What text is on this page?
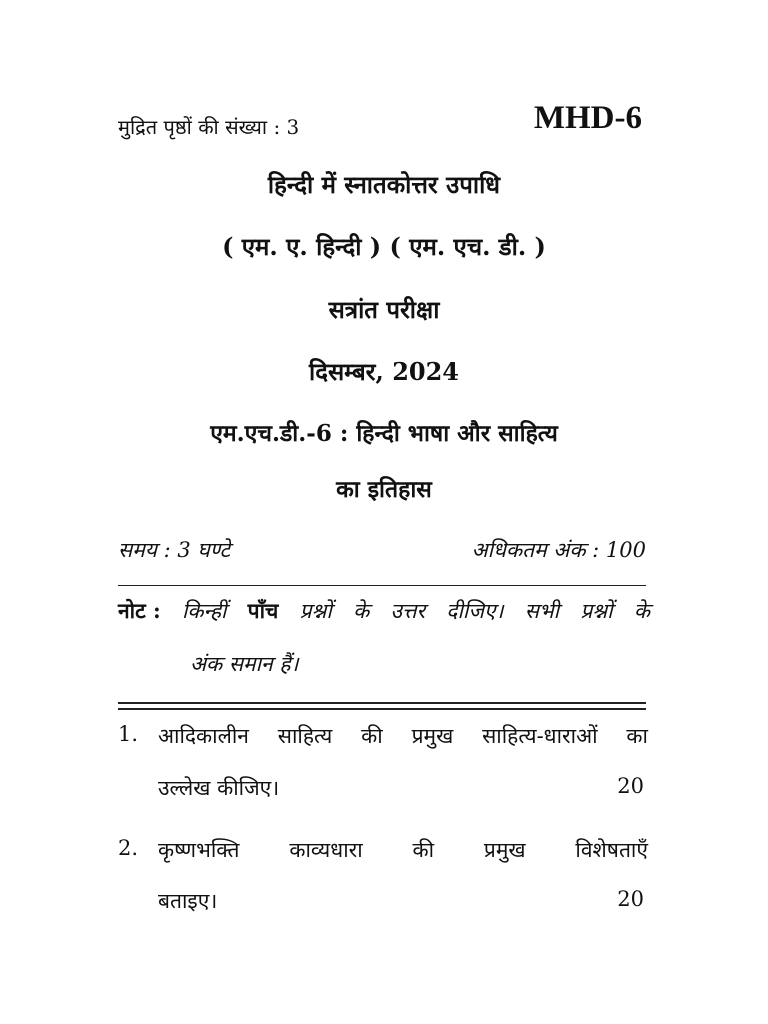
मुद्रित पृष्ठों की संख्या : 3	MHD-6
हिन्दी में स्नातकोत्तर उपाधि
( एम. ए. हिन्दी ) ( एम. एच. डी. )
सत्रांत परीक्षा
दिसम्बर, 2024
एम.एच.डी.-6 : हिन्दी भाषा और साहित्य
का इतिहास
समय : 3 घण्टे	अधिकतम अंक : 100
नोट : किन्हीं पाँच प्रश्नों के उत्तर दीजिए। सभी प्रश्नों के
अंक समान हैं।
1. आदिकालीन साहित्य की प्रमुख साहित्य-धाराओं का
उल्लेख कीजिए।	20
2. कृष्णभक्ति काव्यधारा की प्रमुख विशेषताएँ
बताइए।	20
